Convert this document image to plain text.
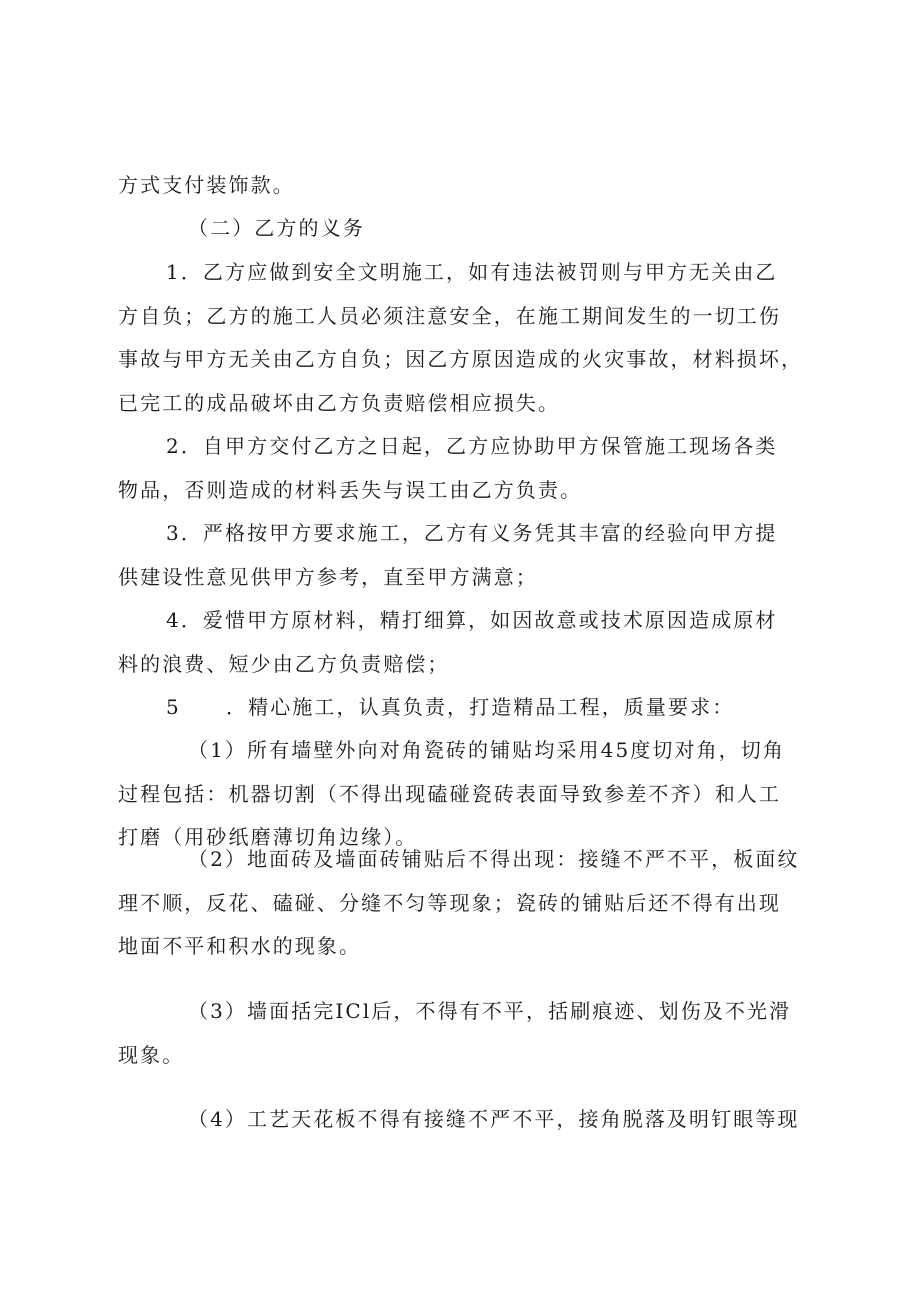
方式支付装饰款。

（二）乙方的义务

1．乙方应做到安全文明施工，如有违法被罚则与甲方无关由乙
方自负；乙方的施工人员必须注意安全，在施工期间发生的一切工伤
事故与甲方无关由乙方自负；因乙方原因造成的火灾事故，材料损坏，
已完工的成品破坏由乙方负责赔偿相应损失。

2．自甲方交付乙方之日起，乙方应协助甲方保管施工现场各类
物品，否则造成的材料丢失与误工由乙方负责。

3．严格按甲方要求施工，乙方有义务凭其丰富的经验向甲方提
供建设性意见供甲方参考，直至甲方满意；

4．爱惜甲方原材料，精打细算，如因故意或技术原因造成原材
料的浪费、短少由乙方负责赔偿；

5 ．精心施工，认真负责，打造精品工程，质量要求：

（1）所有墙壁外向对角瓷砖的铺贴均采用45度切对角，切角
过程包括：机器切割（不得出现磕碰瓷砖表面导致参差不齐）和人工
打磨（用砂纸磨薄切角边缘）。

（2）地面砖及墙面砖铺贴后不得出现：接缝不严不平，板面纹
理不顺，反花、磕碰、分缝不匀等现象；瓷砖的铺贴后还不得有出现
地面不平和积水的现象。

（3）墙面括完ICl后，不得有不平，括刷痕迹、划伤及不光滑
现象。

（4）工艺天花板不得有接缝不严不平，接角脱落及明钉眼等现
